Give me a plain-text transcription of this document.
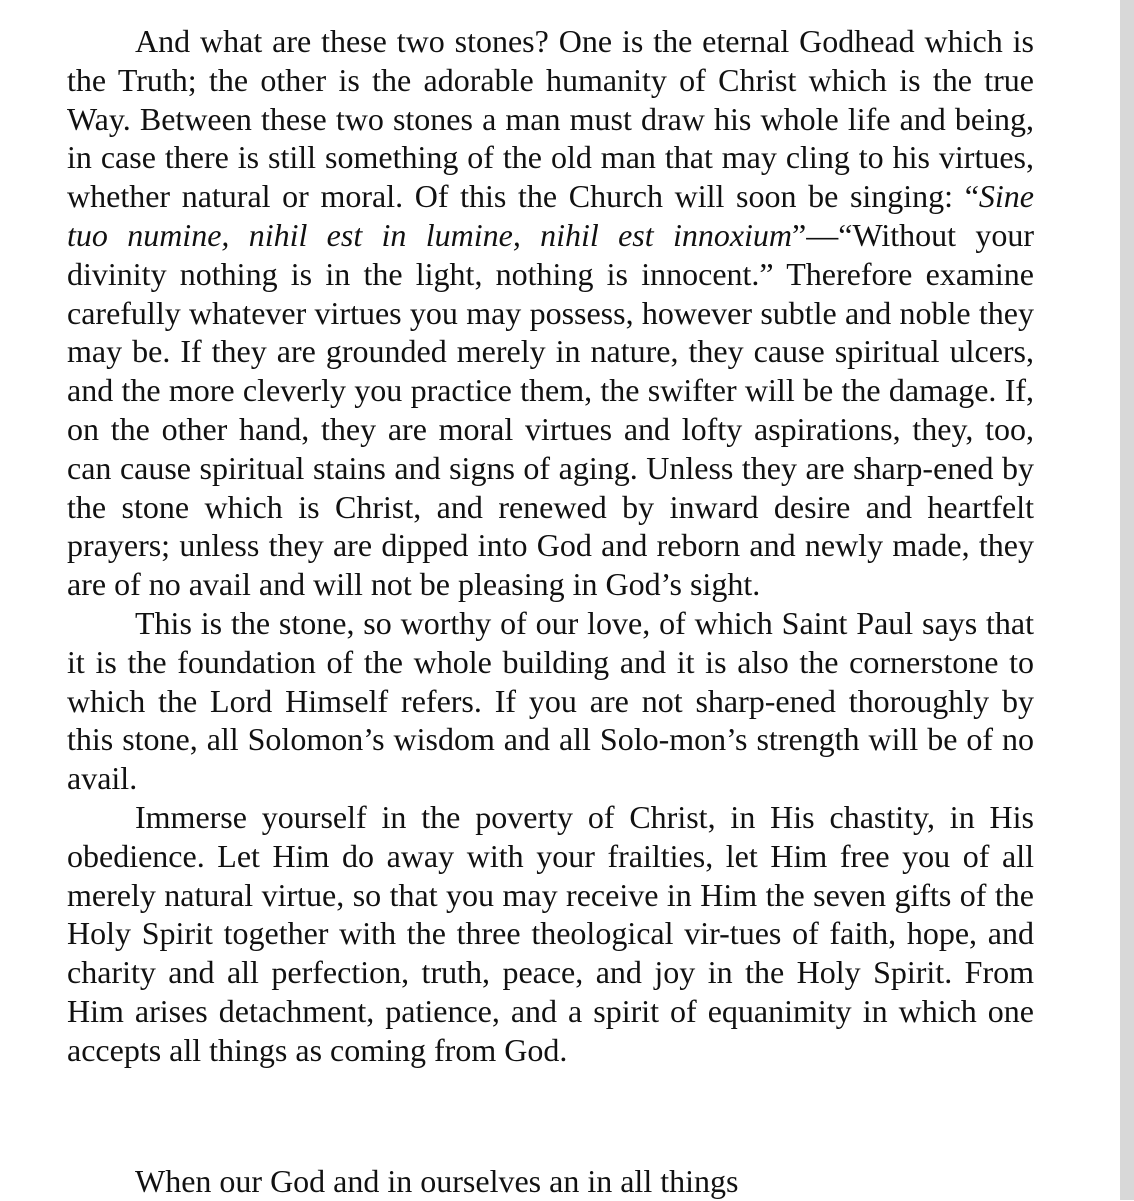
And what are these two stones? One is the eternal Godhead which is the Truth; the other is the adorable humanity of Christ which is the true Way. Between these two stones a man must draw his whole life and being, in case there is still something of the old man that may cling to his virtues, whether natural or moral. Of this the Church will soon be singing: “Sine tuo numine, nihil est in lumine, nihil est innoxium”—“Without your divinity nothing is in the light, nothing is innocent.” Therefore examine carefully whatever virtues you may possess, however subtle and noble they may be. If they are grounded merely in nature, they cause spiritual ulcers, and the more cleverly you practice them, the swifter will be the damage. If, on the other hand, they are moral virtues and lofty aspirations, they, too, can cause spiritual stains and signs of aging. Unless they are sharp-ened by the stone which is Christ, and renewed by inward desire and heartfelt prayers; unless they are dipped into God and reborn and newly made, they are of no avail and will not be pleasing in God’s sight.

This is the stone, so worthy of our love, of which Saint Paul says that it is the foundation of the whole building and it is also the cornerstone to which the Lord Himself refers. If you are not sharp-ened thoroughly by this stone, all Solomon’s wisdom and all Solo-mon’s strength will be of no avail.

Immerse yourself in the poverty of Christ, in His chastity, in His obedience. Let Him do away with your frailties, let Him free you of all merely natural virtue, so that you may receive in Him the seven gifts of the Holy Spirit together with the three theological vir-tues of faith, hope, and charity and all perfection, truth, peace, and joy in the Holy Spirit. From Him arises detachment, patience, and a spirit of equanimity in which one accepts all things as coming from God.

When our God and in ourselves an in all things
